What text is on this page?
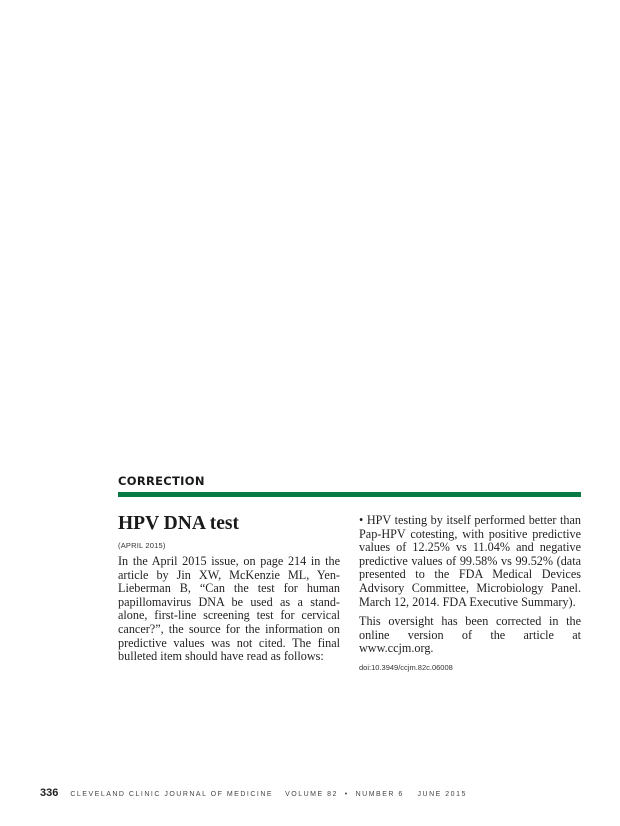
CORRECTION
HPV DNA test
(APRIL 2015)

In the April 2015 issue, on page 214 in the article by Jin XW, McKenzie ML, Yen-Lieberman B, “Can the test for human papillomavirus DNA be used as a stand-alone, first-line screening test for cervical cancer?”, the source for the information on predictive values was not cited. The final bulleted item should have read as follows:

• HPV testing by itself performed better than Pap-HPV cotesting, with positive predictive values of 12.25% vs 11.04% and negative predictive values of 99.58% vs 99.52% (data presented to the FDA Medical Devices Advisory Committee, Microbiology Panel. March 12, 2014. FDA Executive Summary).

This oversight has been corrected in the online version of the article at www.ccjm.org.

doi:10.3949/ccjm.82c.06008
336 CLEVELAND CLINIC JOURNAL OF MEDICINE VOLUME 82  •  NUMBER 6    JUNE 2015
